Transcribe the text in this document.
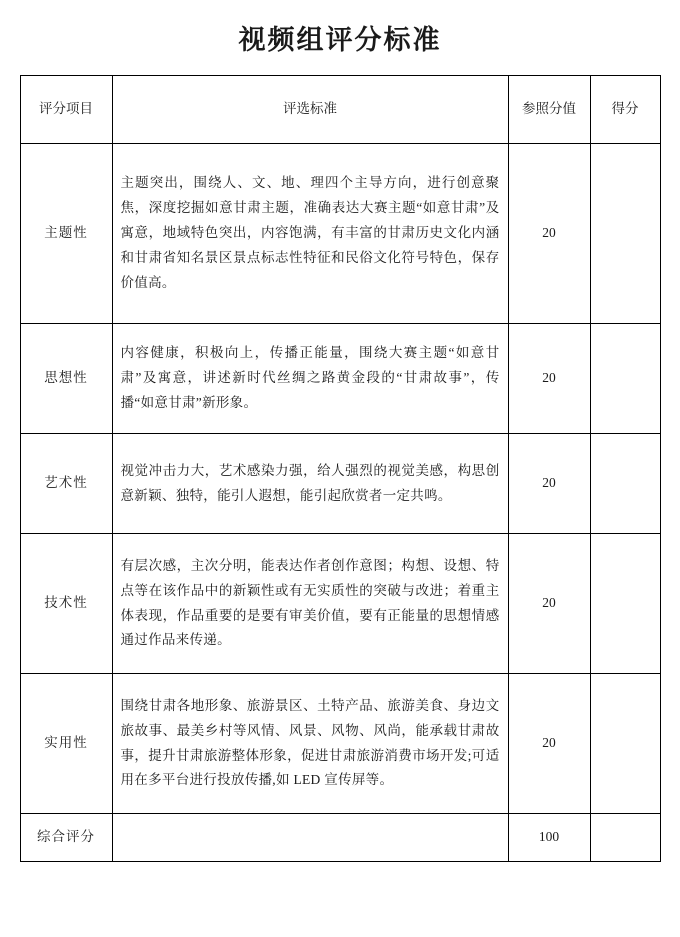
视频组评分标准
评分项目	评选标准	参照分值	得分
主题性	主题突出，围绕人、文、地、理四个主导方向，进行创意聚焦，深度挖掘如意甘肃主题，准确表达大赛主题“如意甘肃”及寓意，地域特色突出，内容饱满，有丰富的甘肃历史文化内涵和甘肃省知名景区景点标志性特征和民俗文化符号特色，保存价值高。	20	
思想性	内容健康，积极向上，传播正能量，围绕大赛主题“如意甘肃”及寓意，讲述新时代丝绸之路黄金段的“甘肃故事”，传播“如意甘肃”新形象。	20	
艺术性	视觉冲击力大，艺术感染力强，给人强烈的视觉美感，构思创意新颖、独特，能引人遐想，能引起欣赏者一定共鸣。	20	
技术性	有层次感，主次分明，能表达作者创作意图；构想、设想、特点等在该作品中的新颖性或有无实质性的突破与改进；着重主体表现，作品重要的是要有审美价值，要有正能量的思想情感通过作品来传递。	20	
实用性	围绕甘肃各地形象、旅游景区、土特产品、旅游美食、身边文旅故事、最美乡村等风情、风景、风物、风尚，能承载甘肃故事，提升甘肃旅游整体形象，促进甘肃旅游消费市场开发;可适用在多平台进行投放传播,如 LED 宣传屏等。	20	
综合评分		100	
